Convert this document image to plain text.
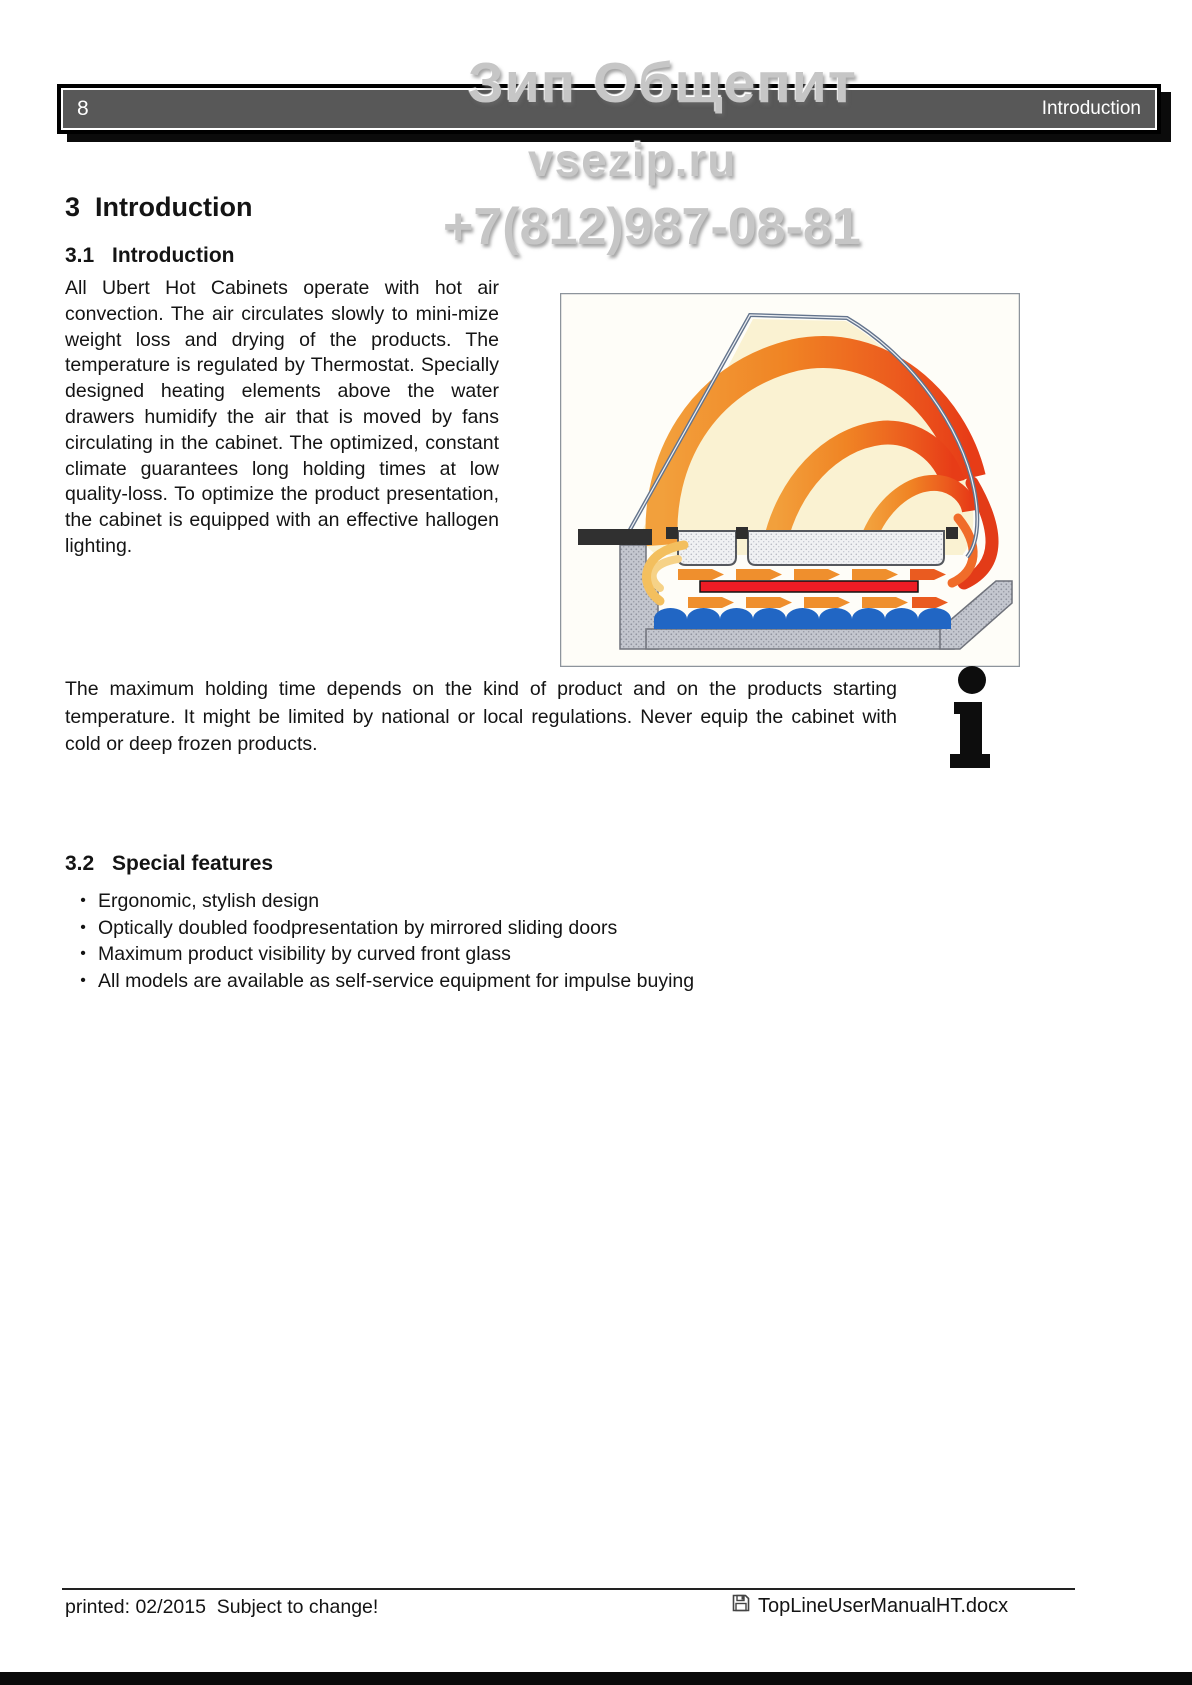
8	Introduction
Зип Общепит
vsezip.ru
+7(812)987-08-81
3 Introduction
3.1 Introduction
All Ubert Hot Cabinets operate with hot air convection. The air circulates slowly to mini-mize weight loss and drying of the products. The temperature is regulated by Thermostat. Specially designed heating elements above the water drawers humidify the air that is moved by fans circulating in the cabinet. The optimized, constant climate guarantees long holding times at low quality-loss. To optimize the product presentation, the cabinet is equipped with an effective hallogen lighting.
The maximum holding time depends on the kind of product and on the products starting temperature. It might be limited by national or local regulations. Never equip the cabinet with cold or deep frozen products.
3.2 Special features
• Ergonomic, stylish design
• Optically doubled foodpresentation by mirrored sliding doors
• Maximum product visibility by curved front glass
• All models are available as self-service equipment for impulse buying
printed: 02/2015  Subject to change!	TopLineUserManualHT.docx
